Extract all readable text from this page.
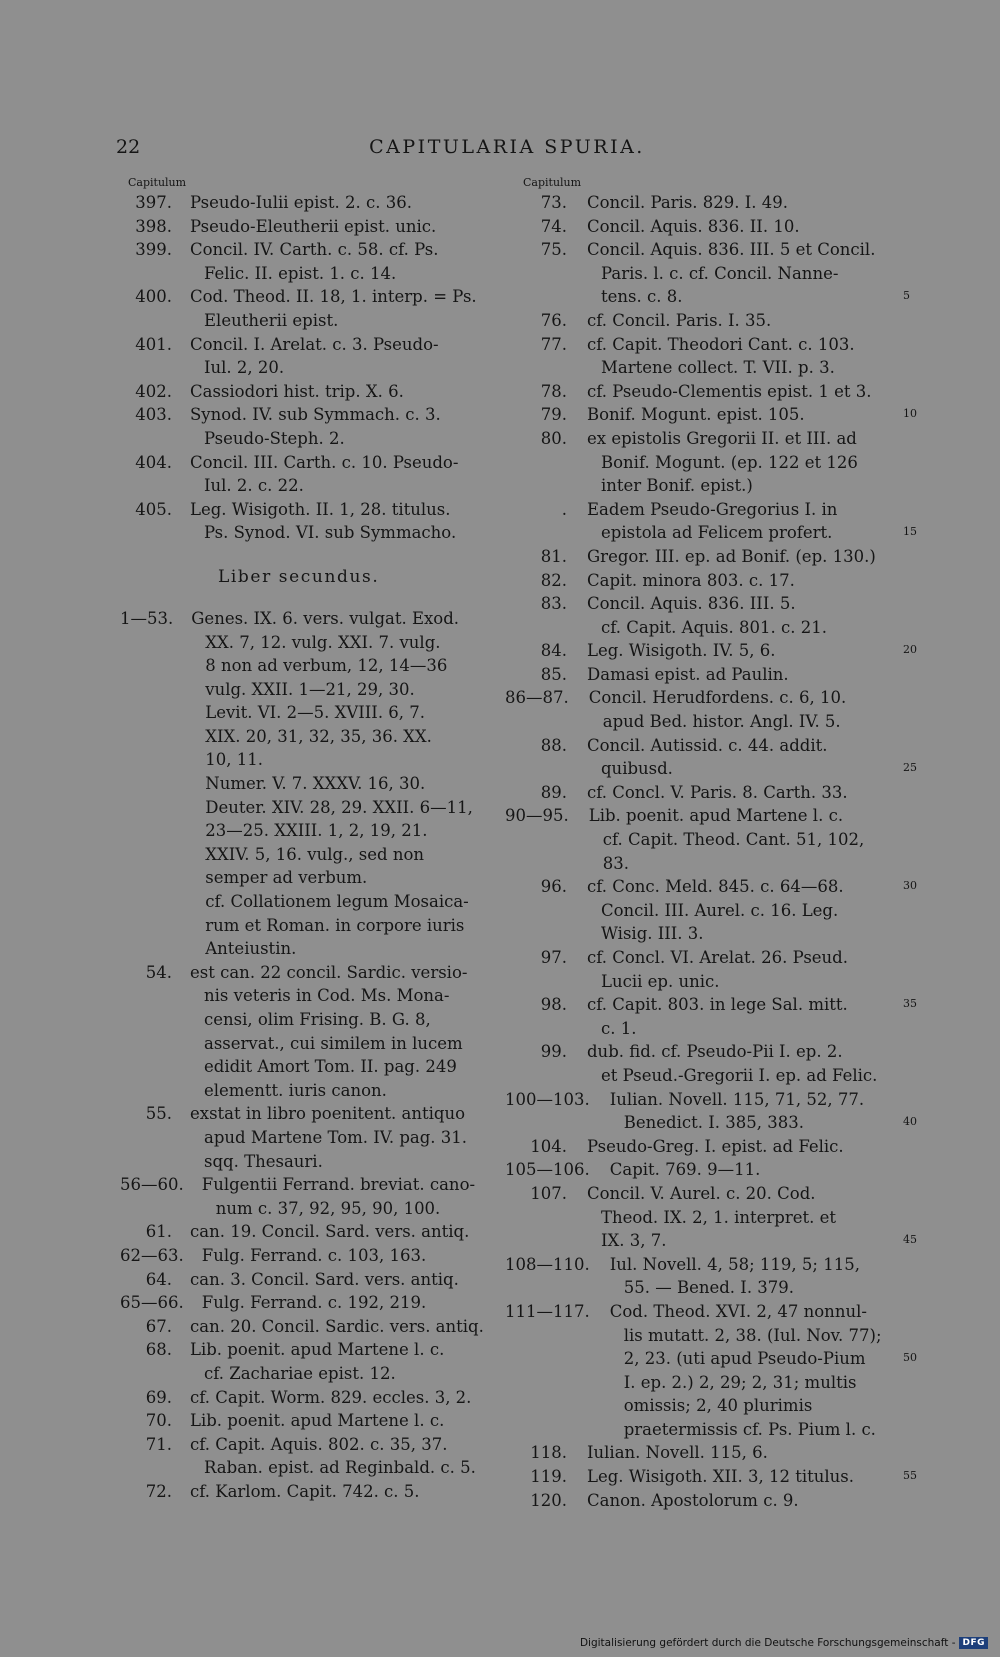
22	CAPITULARIA SPURIA.
Capitulum
397.	Pseudo-Iulii epist. 2. c. 36.
398.	Pseudo-Eleutherii epist. unic.
399.	Concil. IV. Carth. c. 58. cf. Ps.
Felic. II. epist. 1. c. 14.
400.	Cod. Theod. II. 18, 1. interp. = Ps.
Eleutherii epist.
401.	Concil. I. Arelat. c. 3. Pseudo-
Iul. 2, 20.
402.	Cassiodori hist. trip. X. 6.
403.	Synod. IV. sub Symmach. c. 3.
Pseudo-Steph. 2.
404.	Concil. III. Carth. c. 10. Pseudo-
Iul. 2. c. 22.
405.	Leg. Wisigoth. II. 1, 28. titulus.
Ps. Synod. VI. sub Symmacho.
Liber secundus.
1—53.	Genes. IX. 6. vers. vulgat. Exod.
XX. 7, 12. vulg. XXI. 7. vulg.
8 non ad verbum, 12, 14—36
vulg. XXII. 1—21, 29, 30.
Levit. VI. 2—5. XVIII. 6, 7.
XIX. 20, 31, 32, 35, 36. XX.
10, 11.
Numer. V. 7. XXXV. 16, 30.
Deuter. XIV. 28, 29. XXII. 6—11,
23—25. XXIII. 1, 2, 19, 21.
XXIV. 5, 16. vulg., sed non
semper ad verbum.
cf. Collationem legum Mosaica-
rum et Roman. in corpore iuris
Anteiustin.
54.	est can. 22 concil. Sardic. versio-
nis veteris in Cod. Ms. Mona-
censi, olim Frising. B. G. 8,
asservat., cui similem in lucem
edidit Amort Tom. II. pag. 249
elementt. iuris canon.
55.	exstat in libro poenitent. antiquo
apud Martene Tom. IV. pag. 31.
sqq. Thesauri.
56—60.	Fulgentii Ferrand. breviat. cano-
num c. 37, 92, 95, 90, 100.
61.	can. 19. Concil. Sard. vers. antiq.
62—63.	Fulg. Ferrand. c. 103, 163.
64.	can. 3. Concil. Sard. vers. antiq.
65—66.	Fulg. Ferrand. c. 192, 219.
67.	can. 20. Concil. Sardic. vers. antiq.
68.	Lib. poenit. apud Martene l. c.
cf. Zachariae epist. 12.
69.	cf. Capit. Worm. 829. eccles. 3, 2.
70.	Lib. poenit. apud Martene l. c.
71.	cf. Capit. Aquis. 802. c. 35, 37.
Raban. epist. ad Reginbald. c. 5.
72.	cf. Karlom. Capit. 742. c. 5.
Capitulum
73.	Concil. Paris. 829. I. 49.
74.	Concil. Aquis. 836. II. 10.
75.	Concil. Aquis. 836. III. 5 et Concil.
Paris. l. c. cf. Concil. Nanne-
tens. c. 8.
76.	cf. Concil. Paris. I. 35.
77.	cf. Capit. Theodori Cant. c. 103.
Martene collect. T. VII. p. 3.
78.	cf. Pseudo-Clementis epist. 1 et 3.
79.	Bonif. Mogunt. epist. 105.
80.	ex epistolis Gregorii II. et III. ad
Bonif. Mogunt. (ep. 122 et 126
inter Bonif. epist.)
.	Eadem Pseudo-Gregorius I. in
epistola ad Felicem profert.
81.	Gregor. III. ep. ad Bonif. (ep. 130.)
82.	Capit. minora 803. c. 17.
83.	Concil. Aquis. 836. III. 5.
cf. Capit. Aquis. 801. c. 21.
84.	Leg. Wisigoth. IV. 5, 6.
85.	Damasi epist. ad Paulin.
86—87.	Concil. Herudfordens. c. 6, 10.
apud Bed. histor. Angl. IV. 5.
88.	Concil. Autissid. c. 44. addit.
quibusd.
89.	cf. Concl. V. Paris. 8. Carth. 33.
90—95.	Lib. poenit. apud Martene l. c.
cf. Capit. Theod. Cant. 51, 102,
83.
96.	cf. Conc. Meld. 845. c. 64—68.
Concil. III. Aurel. c. 16. Leg.
Wisig. III. 3.
97.	cf. Concl. VI. Arelat. 26. Pseud.
Lucii ep. unic.
98.	cf. Capit. 803. in lege Sal. mitt.
c. 1.
99.	dub. fid. cf. Pseudo-Pii I. ep. 2.
et Pseud.-Gregorii I. ep. ad Felic.
100—103.	Iulian. Novell. 115, 71, 52, 77.
Benedict. I. 385, 383.
104.	Pseudo-Greg. I. epist. ad Felic.
105—106.	Capit. 769. 9—11.
107.	Concil. V. Aurel. c. 20. Cod.
Theod. IX. 2, 1. interpret. et
IX. 3, 7.
108—110.	Iul. Novell. 4, 58; 119, 5; 115,
55. — Bened. I. 379.
111—117.	Cod. Theod. XVI. 2, 47 nonnul-
lis mutatt. 2, 38. (Iul. Nov. 77);
2, 23. (uti apud Pseudo-Pium
I. ep. 2.) 2, 29; 2, 31; multis
omissis; 2, 40 plurimis
praetermissis cf. Ps. Pium l. c.
118.	Iulian. Novell. 115, 6.
119.	Leg. Wisigoth. XII. 3, 12 titulus.
120.	Canon. Apostolorum c. 9.
5
10
15
20
25
30
35
40
45
50
55
Digitalisierung gefördert durch die Deutsche Forschungsgemeinschaft - DFG
